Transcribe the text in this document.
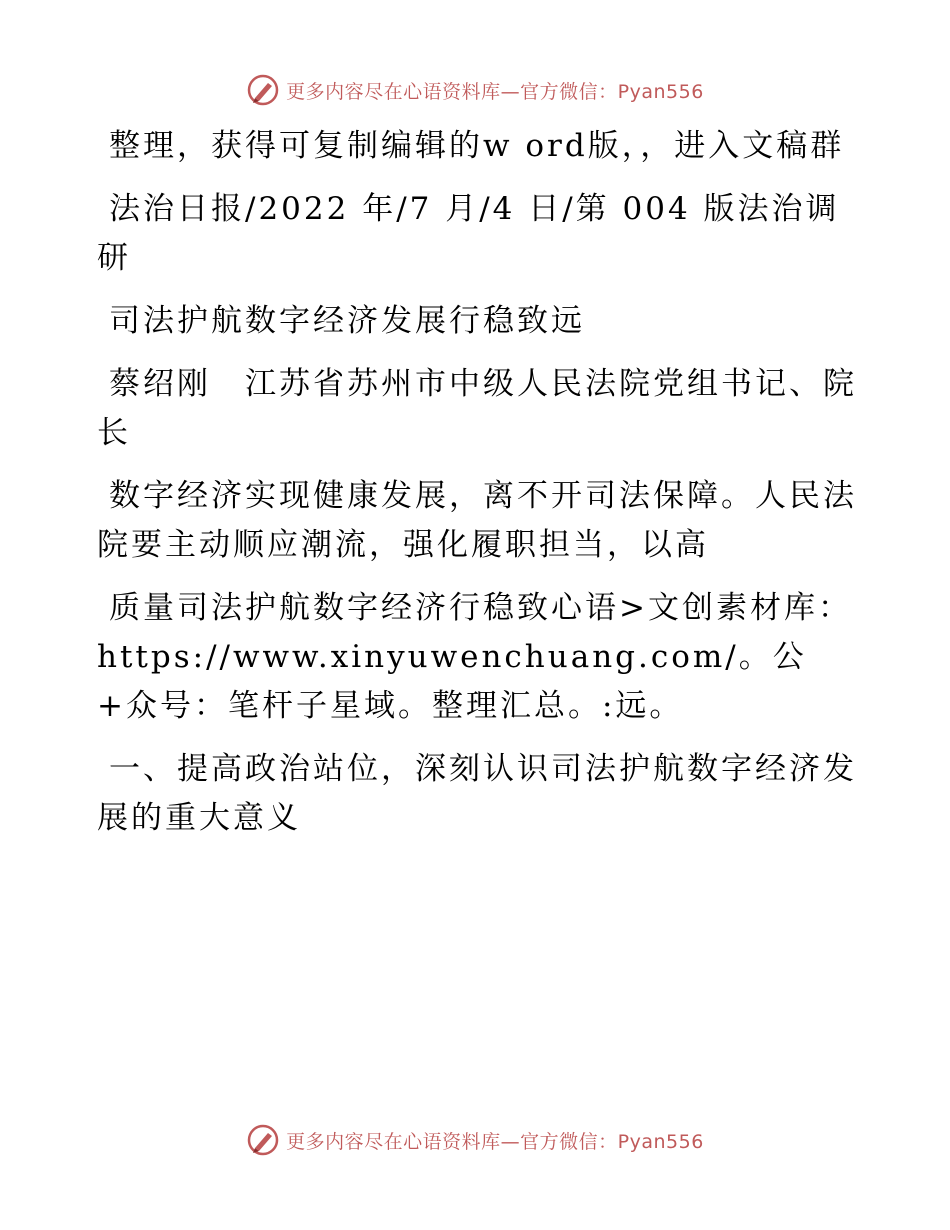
更多内容尽在心语资料库—官方微信：Pyan556

整理，获得可复制编辑的w ord版，，进入文稿群

法治日报/2022 年/7 月/4 日/第 004 版法治调研

司法护航数字经济发展行稳致远

蔡绍刚　江苏省苏州市中级人民法院党组书记、院长

数字经济实现健康发展，离不开司法保障。人民法院要主动顺应潮流，强化履职担当，以高

质量司法护航数字经济行稳致心语>文创素材库：https://www.xinyuwenchuang.com/。公+众号：笔杆子星域。整理汇总。:远。

一、提高政治站位，深刻认识司法护航数字经济发展的重大意义

更多内容尽在心语资料库—官方微信：Pyan556
